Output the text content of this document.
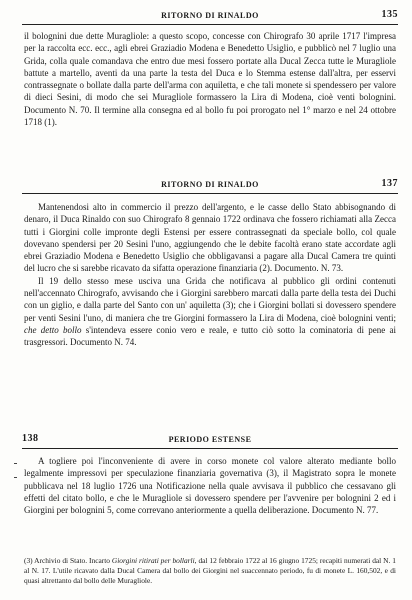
RITORNO DI RINALDO	135

il bolognini due dette Muragliole: a questo scopo, concesse con Chirografo 30 aprile 1717 l'impresa per la raccolta ecc. ecc., agli ebrei Graziadio Modena e Benedetto Usiglio, e pubblicò nel 7 luglio una Grida, colla quale comandava che entro due mesi fossero portate alla Ducal Zecca tutte le Muragliole battute a martello, aventi da una parte la testa del Duca e lo Stemma estense dall'altra, per esservi contrassegnate o bollate dalla parte dell'arma con aquiletta, e che tali monete si spendessero per valore di dieci Sesini, di modo che sei Muragliole formassero la Lira di Modena, cioè venti bolognini. Documento N. 70. Il termine alla consegna ed al bollo fu poi prorogato nel 1° marzo e nel 24 ottobre 1718 (1).

RITORNO DI RINALDO	137

Mantenendosi alto in commercio il prezzo dell'argento, e le casse dello Stato abbisognando di denaro, il Duca Rinaldo con suo Chirografo 8 gennaio 1722 ordinava che fossero richiamati alla Zecca tutti i Giorgini colle impronte degli Estensi per essere contrassegnati da speciale bollo, col quale dovevano spendersi per 20 Sesini l'uno, aggiungendo che le debite facoltà erano state accordate agli ebrei Graziadio Modena e Benedetto Usiglio che obbligavansi a pagare alla Ducal Camera tre quinti del lucro che si sarebbe ricavato da sifatta operazione finanziaria (2). Documento. N. 73.

Il 19 dello stesso mese usciva una Grida che notificava al pubblico gli ordini contenuti nell'accennato Chirografo, avvisando che i Giorgini sarebbero marcati dalla parte della testa dei Duchi con un giglio, e dalla parte del Santo con un' aquiletta (3); che i Giorgini bollati si dovessero spendere per venti Sesini l'uno, di maniera che tre Giorgini formassero la Lira di Modena, cioè bolognini venti; che detto bollo s'intendeva essere conio vero e reale, e tutto ciò sotto la cominatoria di pene ai trasgressori. Documento N. 74.

138	PERIODO ESTENSE

A togliere poi l'inconveniente di avere in corso monete col valore alterato mediante bollo legalmente impressovi per speculazione finanziaria governativa (3), il Magistrato sopra le monete pubblicava nel 18 luglio 1726 una Notificazione nella quale avvisava il pubblico che cessavano gli effetti del citato bollo, e che le Muragliole si dovessero spendere per l'avvenire per bolognini 2 ed i Giorgini per bolognini 5, come correvano anteriormente a quella deliberazione. Documento N. 77.

(3) Archivio di Stato. Incarto Giorgini ritirati per bollarli, dal 12 febbraio 1722 al 16 giugno 1725; recapiti numerati dal N. 1 al N. 17. L'utile ricavato dalla Ducal Camera dal bollo dei Giorgini nel suaccennato periodo, fu di monete L. 160,502, e di quasi altrettanto dal bollo delle Muragliole.
